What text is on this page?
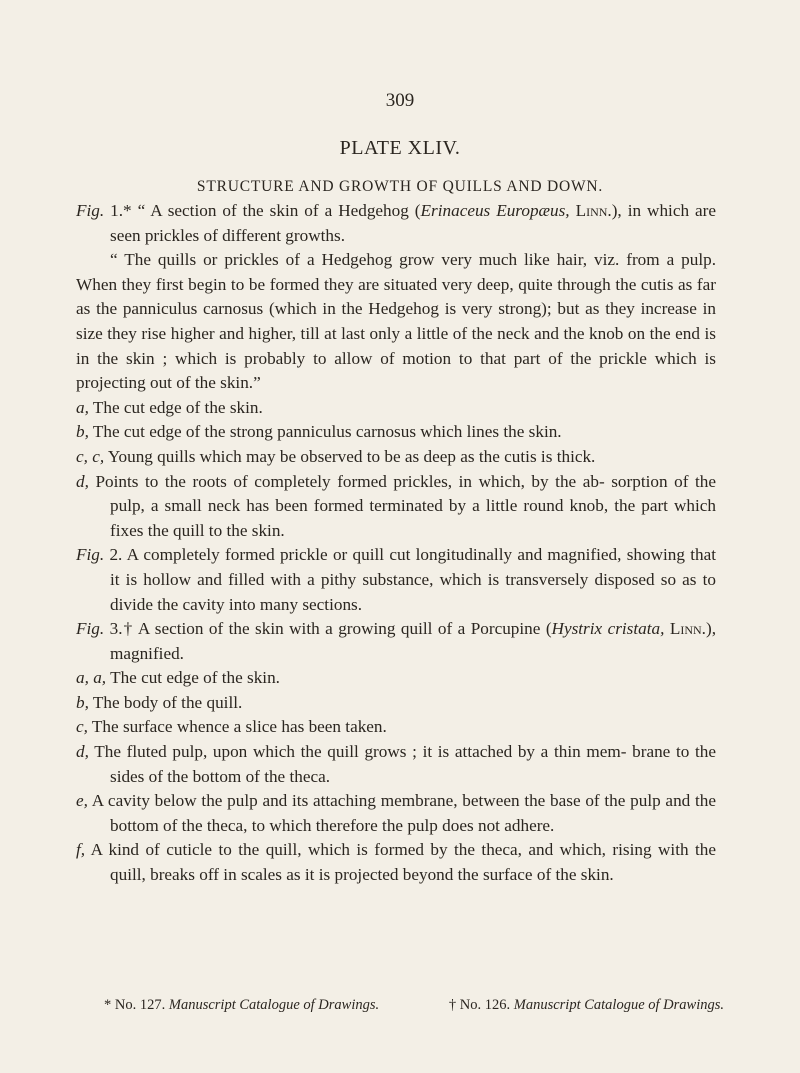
309
PLATE XLIV.
STRUCTURE AND GROWTH OF QUILLS AND DOWN.

Fig. 1.* “ A section of the skin of a Hedgehog (Erinaceus Europæus, Linn.), in which are seen prickles of different growths.

“ The quills or prickles of a Hedgehog grow very much like hair, viz. from a pulp. When they first begin to be formed they are situated very deep, quite through the cutis as far as the panniculus carnosus (which in the Hedgehog is very strong); but as they increase in size they rise higher and higher, till at last only a little of the neck and the knob on the end is in the skin ; which is probably to allow of motion to that part of the prickle which is projecting out of the skin.”

a, The cut edge of the skin.

b, The cut edge of the strong panniculus carnosus which lines the skin.

c, c, Young quills which may be observed to be as deep as the cutis is thick.

d, Points to the roots of completely formed prickles, in which, by the ab- sorption of the pulp, a small neck has been formed terminated by a little round knob, the part which fixes the quill to the skin.

Fig. 2. A completely formed prickle or quill cut longitudinally and magnified, showing that it is hollow and filled with a pithy substance, which is transversely disposed so as to divide the cavity into many sections.

Fig. 3.† A section of the skin with a growing quill of a Porcupine (Hystrix cristata, Linn.), magnified.

a, a, The cut edge of the skin.

b, The body of the quill.

c, The surface whence a slice has been taken.

d, The fluted pulp, upon which the quill grows ; it is attached by a thin mem- brane to the sides of the bottom of the theca.

e, A cavity below the pulp and its attaching membrane, between the base of the pulp and the bottom of the theca, to which therefore the pulp does not adhere.

f, A kind of cuticle to the quill, which is formed by the theca, and which, rising with the quill, breaks off in scales as it is projected beyond the surface of the skin.

* No. 127. Manuscript Catalogue of Drawings.	† No. 126. Manuscript Catalogue of Drawings.
